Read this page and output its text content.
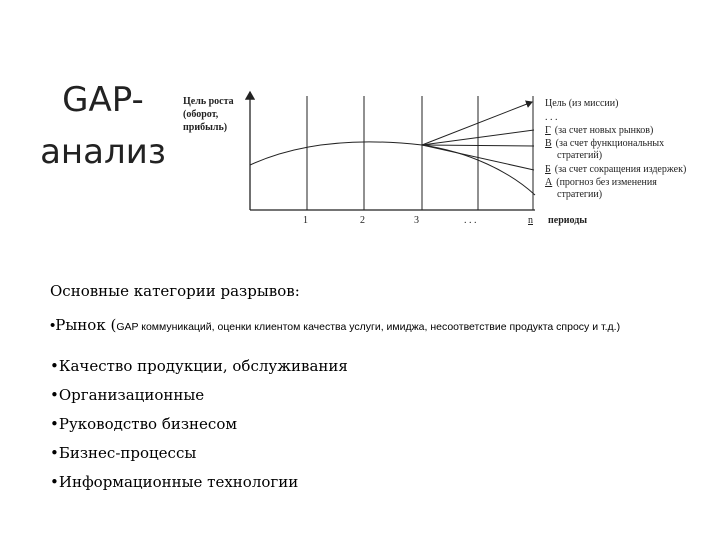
GAP-
анализ
Цель роста
(оборот,
прибыль)
1	2	3	. . .	n периоды
Цель (из миссии)
. . .
Г (за счет новых рынков)
В (за счет функциональных
стратегий)
Б (за счет сокращения издержек)
А (прогноз без изменения
стратегии)
Основные категории разрывов:
•Рынок (GAP коммуникаций, оценки клиентом качества услуги, имиджа, несоответствие продукта спросу и т.д.)
•Качество продукции, обслуживания
•Организационные
•Руководство бизнесом
•Бизнес-процессы
•Информационные технологии
